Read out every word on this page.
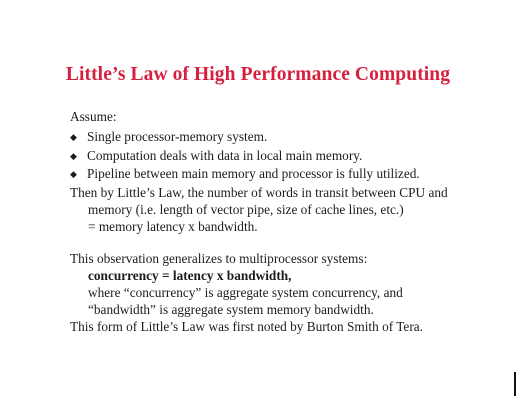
Little’s Law of High Performance Computing
Assume:
◆ Single processor-memory system.
◆ Computation deals with data in local main memory.
◆ Pipeline between main memory and processor is fully utilized.
Then by Little’s Law, the number of words in transit between CPU and
memory (i.e. length of vector pipe, size of cache lines, etc.)
= memory latency x bandwidth.
This observation generalizes to multiprocessor systems:
concurrency = latency x bandwidth,
where “concurrency” is aggregate system concurrency, and
“bandwidth” is aggregate system memory bandwidth.
This form of Little’s Law was first noted by Burton Smith of Tera.
